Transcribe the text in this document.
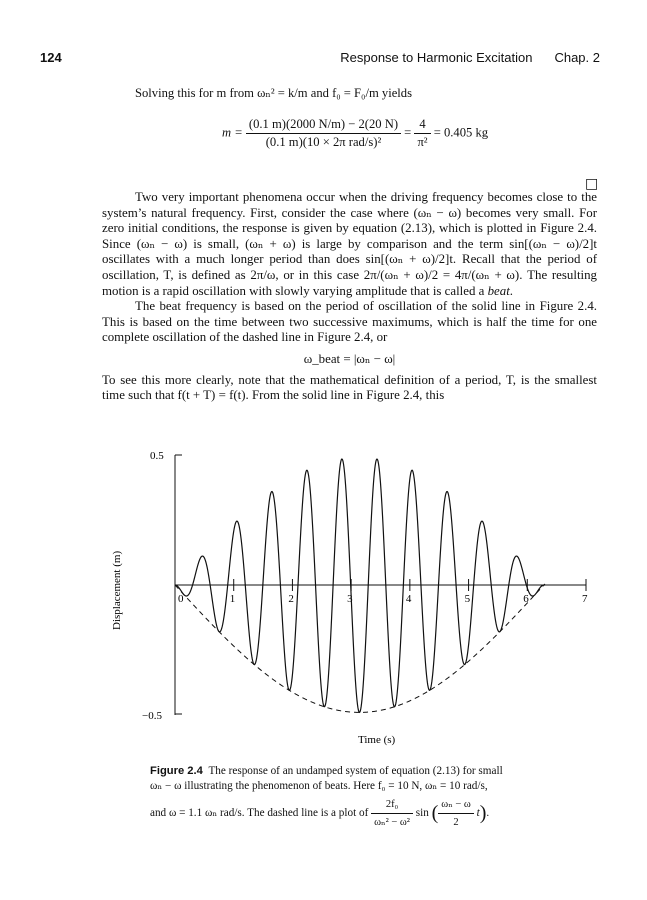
124	Response to Harmonic Excitation Chap. 2
Solving this for m from ωₙ² = k/m and f₀ = F₀/m yields
$m = \frac{(0.1 m)(2000 N/m) - 2(20 N)}{\text{(0.1 m)(10 × 2π rad/s)²}} = \frac{4}{\text{π²}} = 0.405$ kg
□

Two very important phenomena occur when the driving frequency becomes close to the system’s natural frequency. First, consider the case where (ωₙ − ω) becomes very small. For zero initial conditions, the response is given by equation (2.13), which is plotted in Figure 2.4. Since (ωₙ − ω) is small, (ωₙ + ω) is large by comparison and the term sin[(ωₙ − ω)/2]t oscillates with a much longer period than does sin[(ωₙ + ω)/2]t. Recall that the period of oscillation, T, is defined as 2π/ω, or in this case 2π/(ωₙ + ω)/2 = 4π/(ωₙ + ω). The resulting motion is a rapid oscillation with slowly varying amplitude that is called a beat.

The beat frequency is based on the period of oscillation of the solid line in Figure 2.4. This is based on the time between two successive maximums, which is half the time for one complete oscillation of the dashed line in Figure 2.4, or

ω_beat = |ωₙ − ω|

To see this more clearly, note that the mathematical definition of a period, T, is the smallest time such that f(t + T) = f(t). From the solid line in Figure 2.4, this

0.5
−0.5
Displacement (m)
Time (s)
0	1	2	3	4	5	6	7
Figure 2.4 The response of an undamped system of equation (2.13) for small
ωₙ − ω illustrating the phenomenon of beats. Here f₀ = 10 N, ωₙ = 10 rad/s,
and ω = 1.1 ωₙ rad/s. The dashed line is a plot of $\frac{\text{2f₀}}{\text{ωₙ² − ω²}}$ sin ( $\frac{\text{ωₙ − ω}}{2} t$).
